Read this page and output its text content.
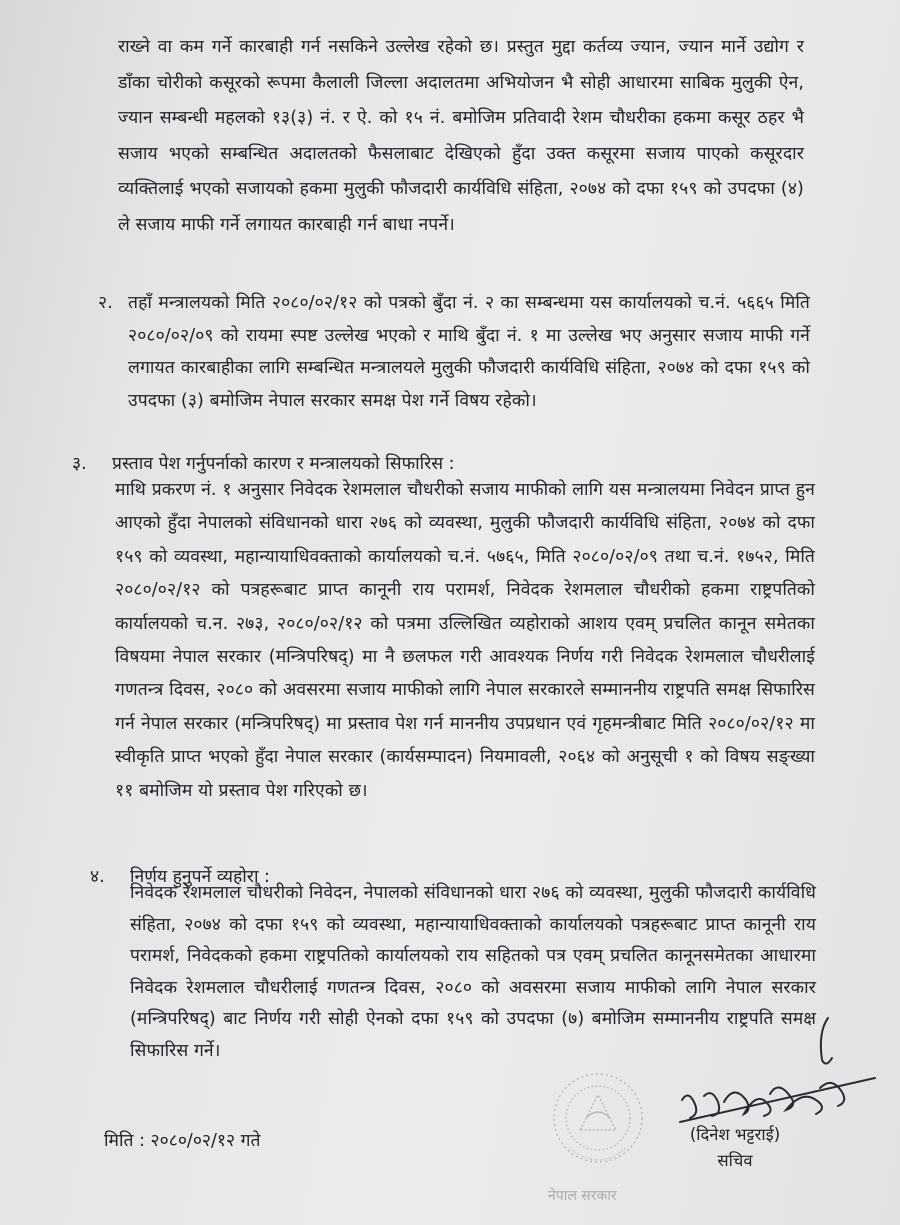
राख्ने वा कम गर्ने कारबाही गर्न नसकिने उल्लेख रहेको छ। प्रस्तुत मुद्दा कर्तव्य ज्यान, ज्यान मार्ने उद्योग र डाँका चोरीको कसूरको रूपमा कैलाली जिल्ला अदालतमा अभियोजन भै सोही आधारमा साबिक मुलुकी ऐन, ज्यान सम्बन्धी महलको १३(३) नं. र ऐ. को १५ नं. बमोजिम प्रतिवादी रेशम चौधरीका हकमा कसूर ठहर भै सजाय भएको सम्बन्धित अदालतको फैसलाबाट देखिएको हुँदा उक्त कसूरमा सजाय पाएको कसूरदार व्यक्तिलाई भएको सजायको हकमा मुलुकी फौजदारी कार्यविधि संहिता, २०७४ को दफा १५९ को उपदफा (४) ले सजाय माफी गर्ने लगायत कारबाही गर्न बाधा नपर्ने।
२. तहाँ मन्त्रालयको मिति २०८०/०२/१२ को पत्रको बुँदा नं. २ का सम्बन्धमा यस कार्यालयको च.नं. ५६६५ मिति २०८०/०२/०९ को रायमा स्पष्ट उल्लेख भएको र माथि बुँदा नं. १ मा उल्लेख भए अनुसार सजाय माफी गर्ने लगायत कारबाहीका लागि सम्बन्धित मन्त्रालयले मुलुकी फौजदारी कार्यविधि संहिता, २०७४ को दफा १५९ को उपदफा (३) बमोजिम नेपाल सरकार समक्ष पेश गर्ने विषय रहेको।
३. प्रस्ताव पेश गर्नुपर्नाको कारण र मन्त्रालयको सिफारिस :
माथि प्रकरण नं. १ अनुसार निवेदक रेशमलाल चौधरीको सजाय माफीको लागि यस मन्त्रालयमा निवेदन प्राप्त हुन आएको हुँदा नेपालको संविधानको धारा २७६ को व्यवस्था, मुलुकी फौजदारी कार्यविधि संहिता, २०७४ को दफा १५९ को व्यवस्था, महान्यायाधिवक्ताको कार्यालयको च.नं. ५७६५, मिति २०८०/०२/०९ तथा च.नं. १७५२, मिति २०८०/०२/१२ को पत्रहरूबाट प्राप्त कानूनी राय परामर्श, निवेदक रेशमलाल चौधरीको हकमा राष्ट्रपतिको कार्यालयको च.न. २७३, २०८०/०२/१२ को पत्रमा उल्लिखित व्यहोराको आशय एवम् प्रचलित कानून समेतका विषयमा नेपाल सरकार (मन्त्रिपरिषद्) मा नै छलफल गरी आवश्यक निर्णय गरी निवेदक रेशमलाल चौधरीलाई गणतन्त्र दिवस, २०८० को अवसरमा सजाय माफीको लागि नेपाल सरकारले सम्माननीय राष्ट्रपति समक्ष सिफारिस गर्न नेपाल सरकार (मन्त्रिपरिषद्) मा प्रस्ताव पेश गर्न माननीय उपप्रधान एवं गृहमन्त्रीबाट मिति २०८०/०२/१२ मा स्वीकृति प्राप्त भएको हुँदा नेपाल सरकार (कार्यसम्पादन) नियमावली, २०६४ को अनुसूची १ को विषय सङ्ख्या ११ बमोजिम यो प्रस्ताव पेश गरिएको छ।
४. निर्णय हुनुपर्ने व्यहोरा :
निवेदक रेशमलाल चौधरीको निवेदन, नेपालको संविधानको धारा २७६ को व्यवस्था, मुलुकी फौजदारी कार्यविधि संहिता, २०७४ को दफा १५९ को व्यवस्था, महान्यायाधिवक्ताको कार्यालयको पत्रहरूबाट प्राप्त कानूनी राय परामर्श, निवेदकको हकमा राष्ट्रपतिको कार्यालयको राय सहितको पत्र एवम् प्रचलित कानूनसमेतका आधारमा निवेदक रेशमलाल चौधरीलाई गणतन्त्र दिवस, २०८० को अवसरमा सजाय माफीको लागि नेपाल सरकार (मन्त्रिपरिषद्) बाट निर्णय गरी सोही ऐनको दफा १५९ को उपदफा (७) बमोजिम सम्माननीय राष्ट्रपति समक्ष सिफारिस गर्ने।
नेपाल सरकार
मिति : २०८०/०२/१२ गते	(दिनेश भट्टराई)
सचिव
